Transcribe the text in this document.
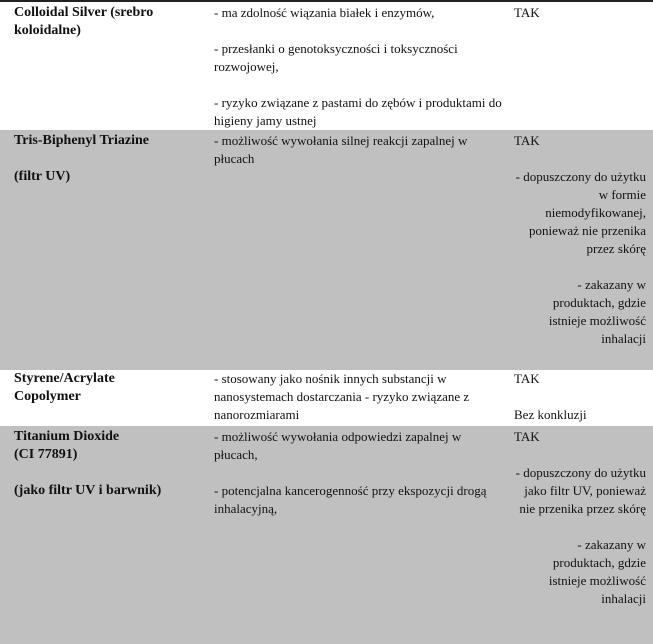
Colloidal Silver (srebro
koloidalne)
- ma zdolność wiązania białek i enzymów,
- przesłanki o genotoksyczności i toksyczności rozwojowej,
- ryzyko związane z pastami do zębów i produktami do higieny jamy ustnej
TAK
Tris-Biphenyl Triazine
(filtr UV)
- możliwość wywołania silnej reakcji zapalnej w płucach
TAK
- dopuszczony do użytku w formie niemodyfikowanej, ponieważ nie przenika przez skórę
- zakazany w produktach, gdzie istnieje możliwość inhalacji
Styrene/Acrylate
Copolymer
- stosowany jako nośnik innych substancji w nanosystemach dostarczania - ryzyko związane z nanorozmiarami
TAK
Bez konkluzji
Titanium Dioxide
(CI 77891)
(jako filtr UV i barwnik)
- możliwość wywołania odpowiedzi zapalnej w płucach,
- potencjalna kancerogenność przy ekspozycji drogą inhalacyjną,
TAK
- dopuszczony do użytku jako filtr UV, ponieważ nie przenika przez skórę
- zakazany w produktach, gdzie istnieje możliwość inhalacji
